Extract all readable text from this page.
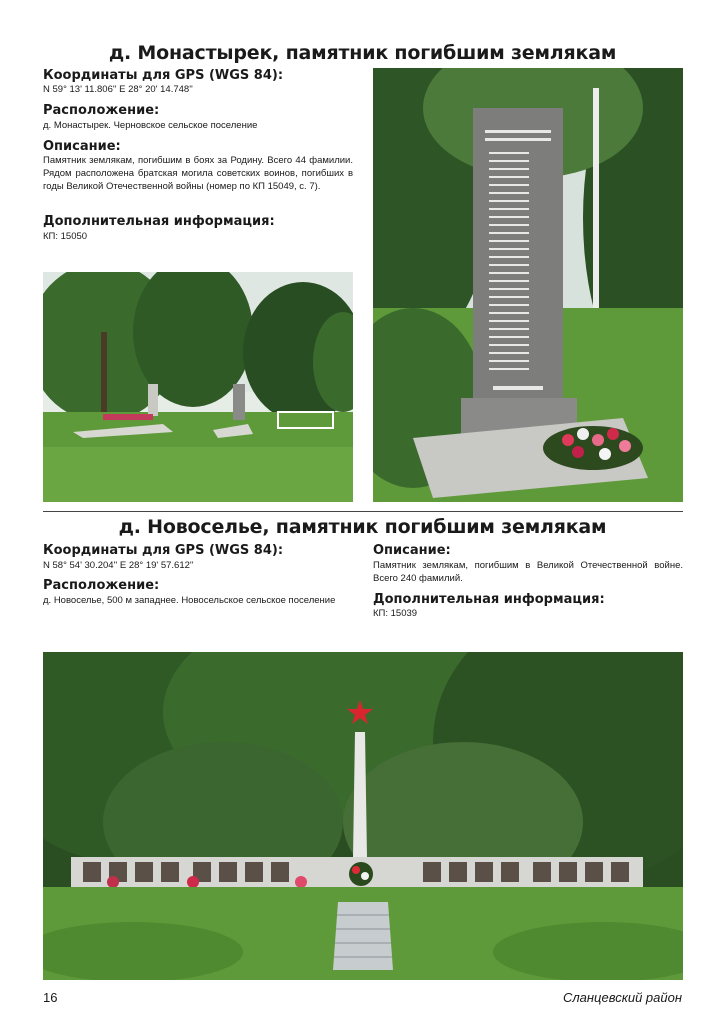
д. Монастырек, памятник погибшим землякам
Координаты для GPS (WGS 84):
N 59° 13' 11.806'' E 28° 20' 14.748''
Расположение:
д. Монастырек. Черновское сельское поселение
Описание:
Памятник землякам, погибшим в боях за Родину. Всего 44 фамилии. Рядом расположена братская могила советских воинов, погибших в годы Великой Отечественной войны (номер по КП 15049, с. 7).
Дополнительная информация:
КП: 15050
д. Новоселье, памятник погибшим землякам
Координаты для GPS (WGS 84):
N 58° 54' 30.204'' E 28° 19' 57.612''
Расположение:
д. Новоселье, 500 м западнее. Новосельское сельское поселение
Описание:
Памятник землякам, погибшим в Великой Отечественной войне. Всего 240 фамилий.
Дополнительная информация:
КП: 15039
16	Сланцевский район
